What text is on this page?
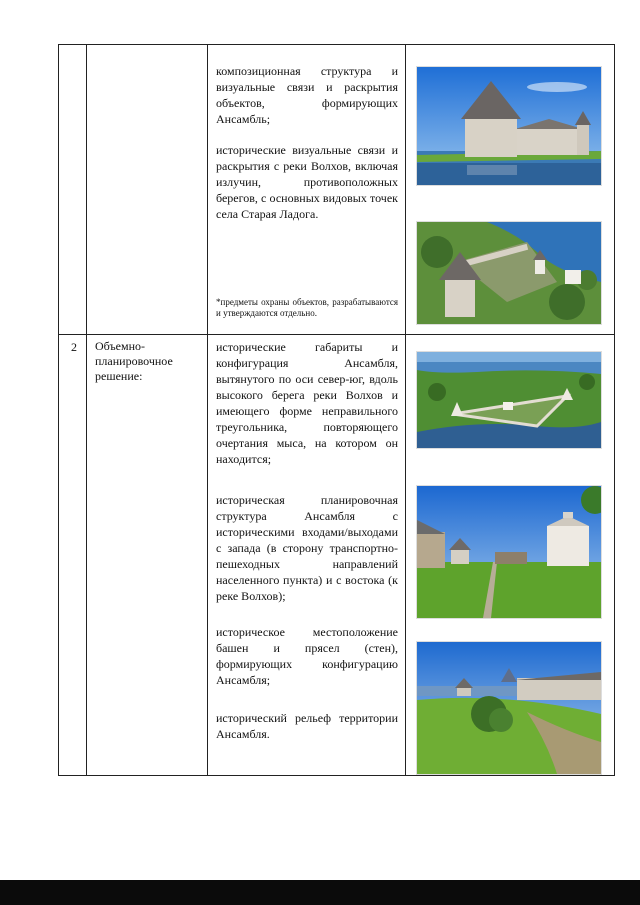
		композиционная структура и визуальные связи и раскрытия объектов, формирующих Ансамбль;

исторические визуальные связи и раскрытия с реки Волхов, включая излучин, противоположных берегов, с основных видовых точек села Старая Ладога.

*предметы охраны объектов, разрабатываются и утверждаются отдельно.

2	Объемно-планировочное решение:	исторические габариты и конфигурация Ансамбля, вытянутого по оси север-юг, вдоль высокого берега реки Волхов и имеющего форме неправильного треугольника, повторяющего очертания мыса, на котором он находится;

историческая планировочная структура Ансамбля с историческими входами/выходами с запада (в сторону транспортно-пешеходных направлений населенного пункта) и с востока (к реке Волхов);

историческое местоположение башен и прясел (стен), формирующих конфигурацию Ансамбля;

исторический рельеф территории Ансамбля.
